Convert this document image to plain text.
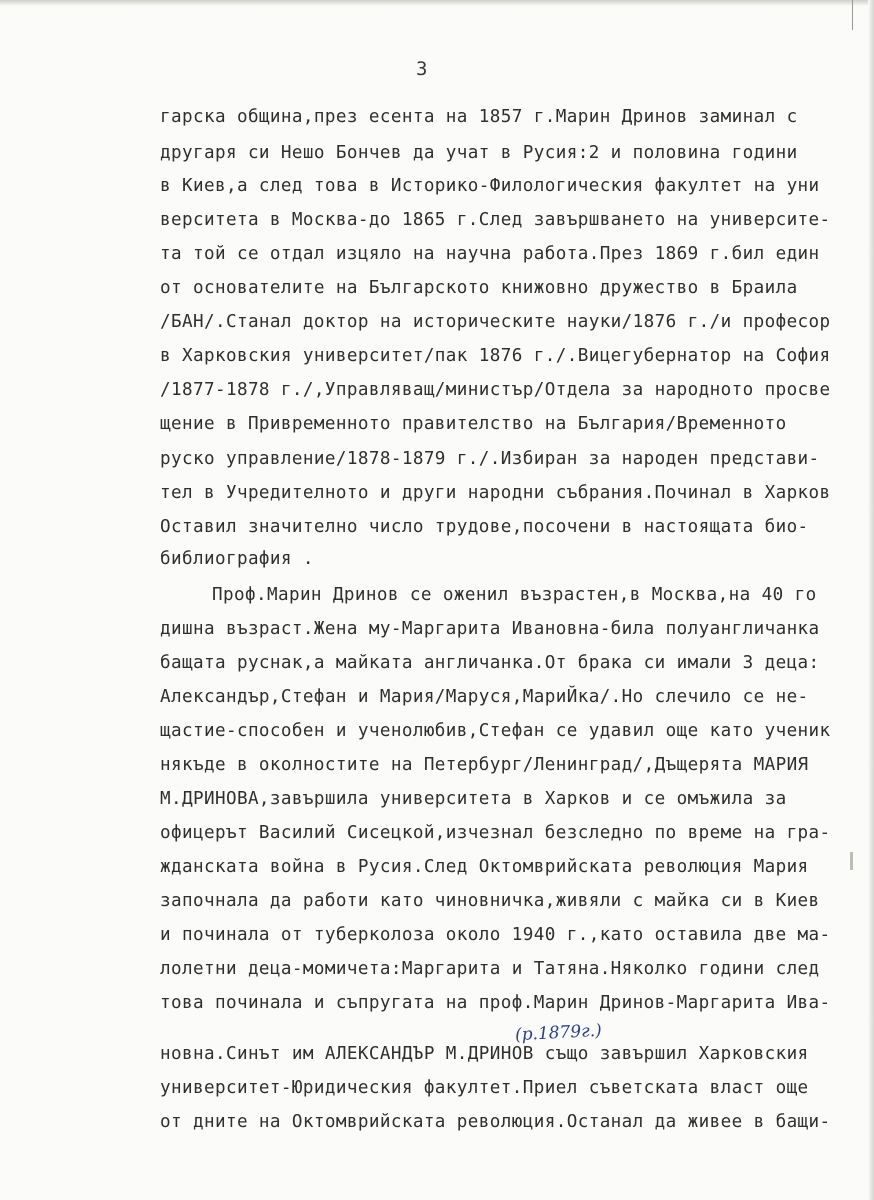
3
гарска община,през есента на 1857 г.Марин Дринов заминал с
другаря си Нешо Бончев да учат в Русия:2 и половина години
в Киев,а след това в Историко-Филологическия факултет на уни
верситета в Москва-до 1865 г.След завършването на университе-
та той се отдал изцяло на научна работа.През 1869 г.бил един
от основателите на Българското книжовно дружество в Браила
/БАН/.Станал доктор на историческите науки/1876 г./и професор
в Харковския университет/пак 1876 г./.Вицегубернатор на София
/1877-1878 г./,Управляващ/министър/Отдела за народното просве
щение в Привременното правителство на България/Временното
руско управление/1878-1879 г./.Избиран за народен представи-
тел в Учредителното и други народни събрания.Починал в Харков
Оставил значително число трудове,посочени в настоящата био-
библиография .
Проф.Марин Дринов се оженил възрастен,в Москва,на 40 го
дишна възраст.Жена му-Маргарита Ивановна-била полуангличанка
бащата руснак,а майката англичанка.От брака си имали 3 деца:
Александър,Стефан и Мария/Маруся,МариЙка/.Но слечило се не-
щастие-способен и ученолюбив,Стефан се удавил още като ученик
някъде в околностите на Петербург/Ленинград/,Дъщерята МАРИЯ
М.ДРИНОВА,завършила университета в Харков и се омъжила за
офицерът Василий Сисецкой,изчезнал безследно по време на гра-
жданската война в Русия.След Октомврийската революция Мария
започнала да работи като чиновничка,живяли с майка си в Киев
и починала от туберколоза около 1940 г.,като оставила две ма-
лолетни деца-момичета:Маргарита и Татяна.Няколко години след
това починала и съпругата на проф.Марин Дринов-Маргарита Ива-
новна.Синът им АЛЕКСАНДЪР М.ДРИНОВ също завършил Харковския
университет-Юридическия факултет.Приел съветската власт още
от дните на Октомврийската революция.Останал да живее в бащи-
(р.1879г.)
